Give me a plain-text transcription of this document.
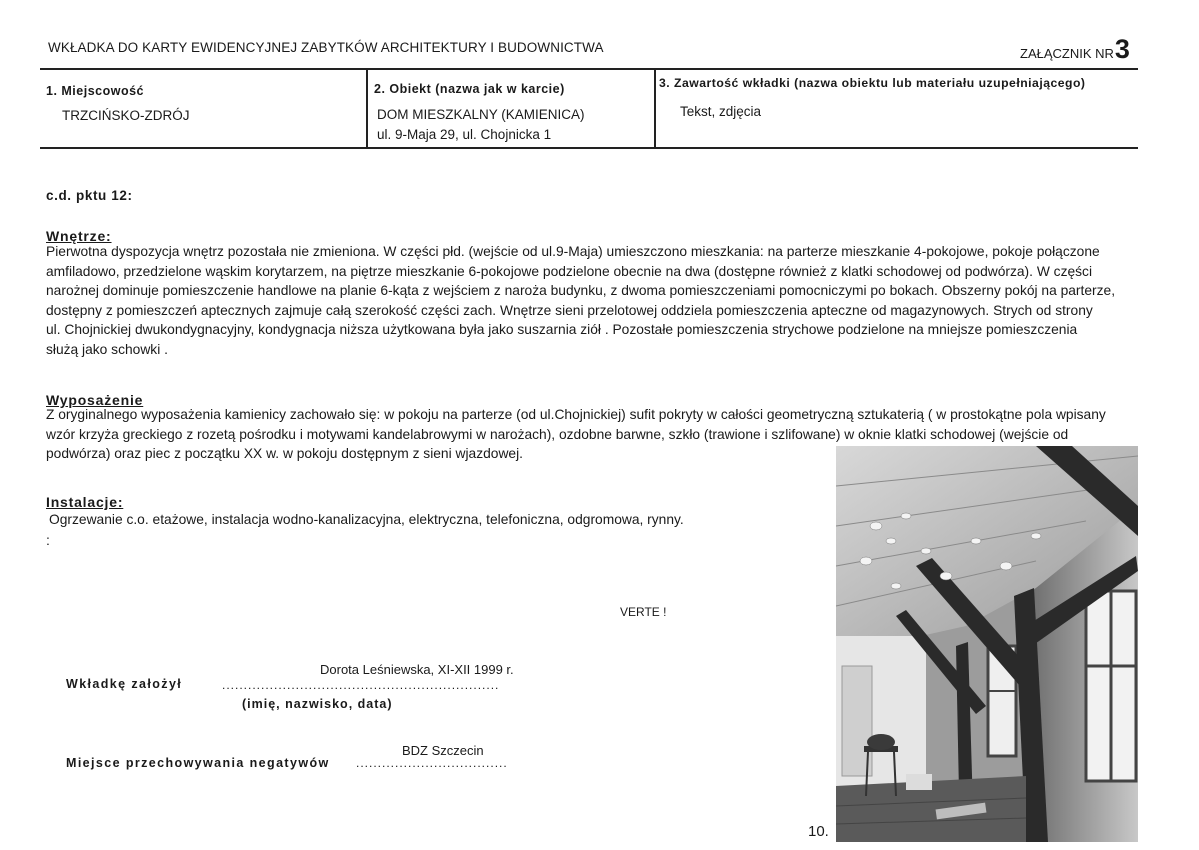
WKŁADKA DO KARTY EWIDENCYJNEJ ZABYTKÓW ARCHITEKTURY I BUDOWNICTWA	ZAŁĄCZNIK NR3
1. Miejscowość
TRZCIŃSKO-ZDRÓJ
2. Obiekt (nazwa jak w karcie)
DOM MIESZKALNY (KAMIENICA)
ul. 9-Maja 29, ul. Chojnicka 1
3. Zawartość wkładki (nazwa obiektu lub materiału uzupełniającego)
Tekst, zdjęcia
c.d. pktu 12:
Wnętrze:
Pierwotna dyspozycja wnętrz pozostała nie zmieniona. W części płd. (wejście od ul.9-Maja) umieszczono mieszkania: na parterze mieszkanie 4-pokojowe, pokoje połączone
amfiladowo, przedzielone wąskim korytarzem, na piętrze mieszkanie 6-pokojowe podzielone obecnie na dwa (dostępne również z klatki schodowej od podwórza). W części
narożnej dominuje pomieszczenie handlowe na planie 6-kąta z wejściem z naroża budynku, z dwoma pomieszczeniami pomocniczymi po bokach. Obszerny pokój na parterze,
dostępny z pomieszczeń aptecznych zajmuje całą szerokość części zach. Wnętrze sieni przelotowej oddziela pomieszczenia apteczne od magazynowych. Strych od strony
ul. Chojnickiej dwukondygnacyjny, kondygnacja niższa użytkowana była jako suszarnia ziół . Pozostałe pomieszczenia strychowe podzielone na mniejsze pomieszczenia
służą jako schowki .
Wyposażenie
Z oryginalnego wyposażenia kamienicy zachowało się: w pokoju na parterze (od ul.Chojnickiej) sufit pokryty w całości geometryczną sztukaterią ( w prostokątne pola wpisany
wzór krzyża greckiego z rozetą pośrodku i motywami kandelabrowymi w narożach), ozdobne barwne, szkło (trawione i szlifowane) w oknie klatki schodowej (wejście od
podwórza) oraz piec z początku XX w. w pokoju dostępnym z sieni wjazdowej.
Instalacje:
Ogrzewanie c.o. etażowe, instalacja wodno-kanalizacyjna, elektryczna, telefoniczna, odgromowa, rynny.
:
VERTE !
Dorota Leśniewska, XI-XII 1999 r.
Wkładkę założył	................................................................
(imię, nazwisko, data)
BDZ Szczecin
Miejsce przechowywania negatywów ...................................
10.
